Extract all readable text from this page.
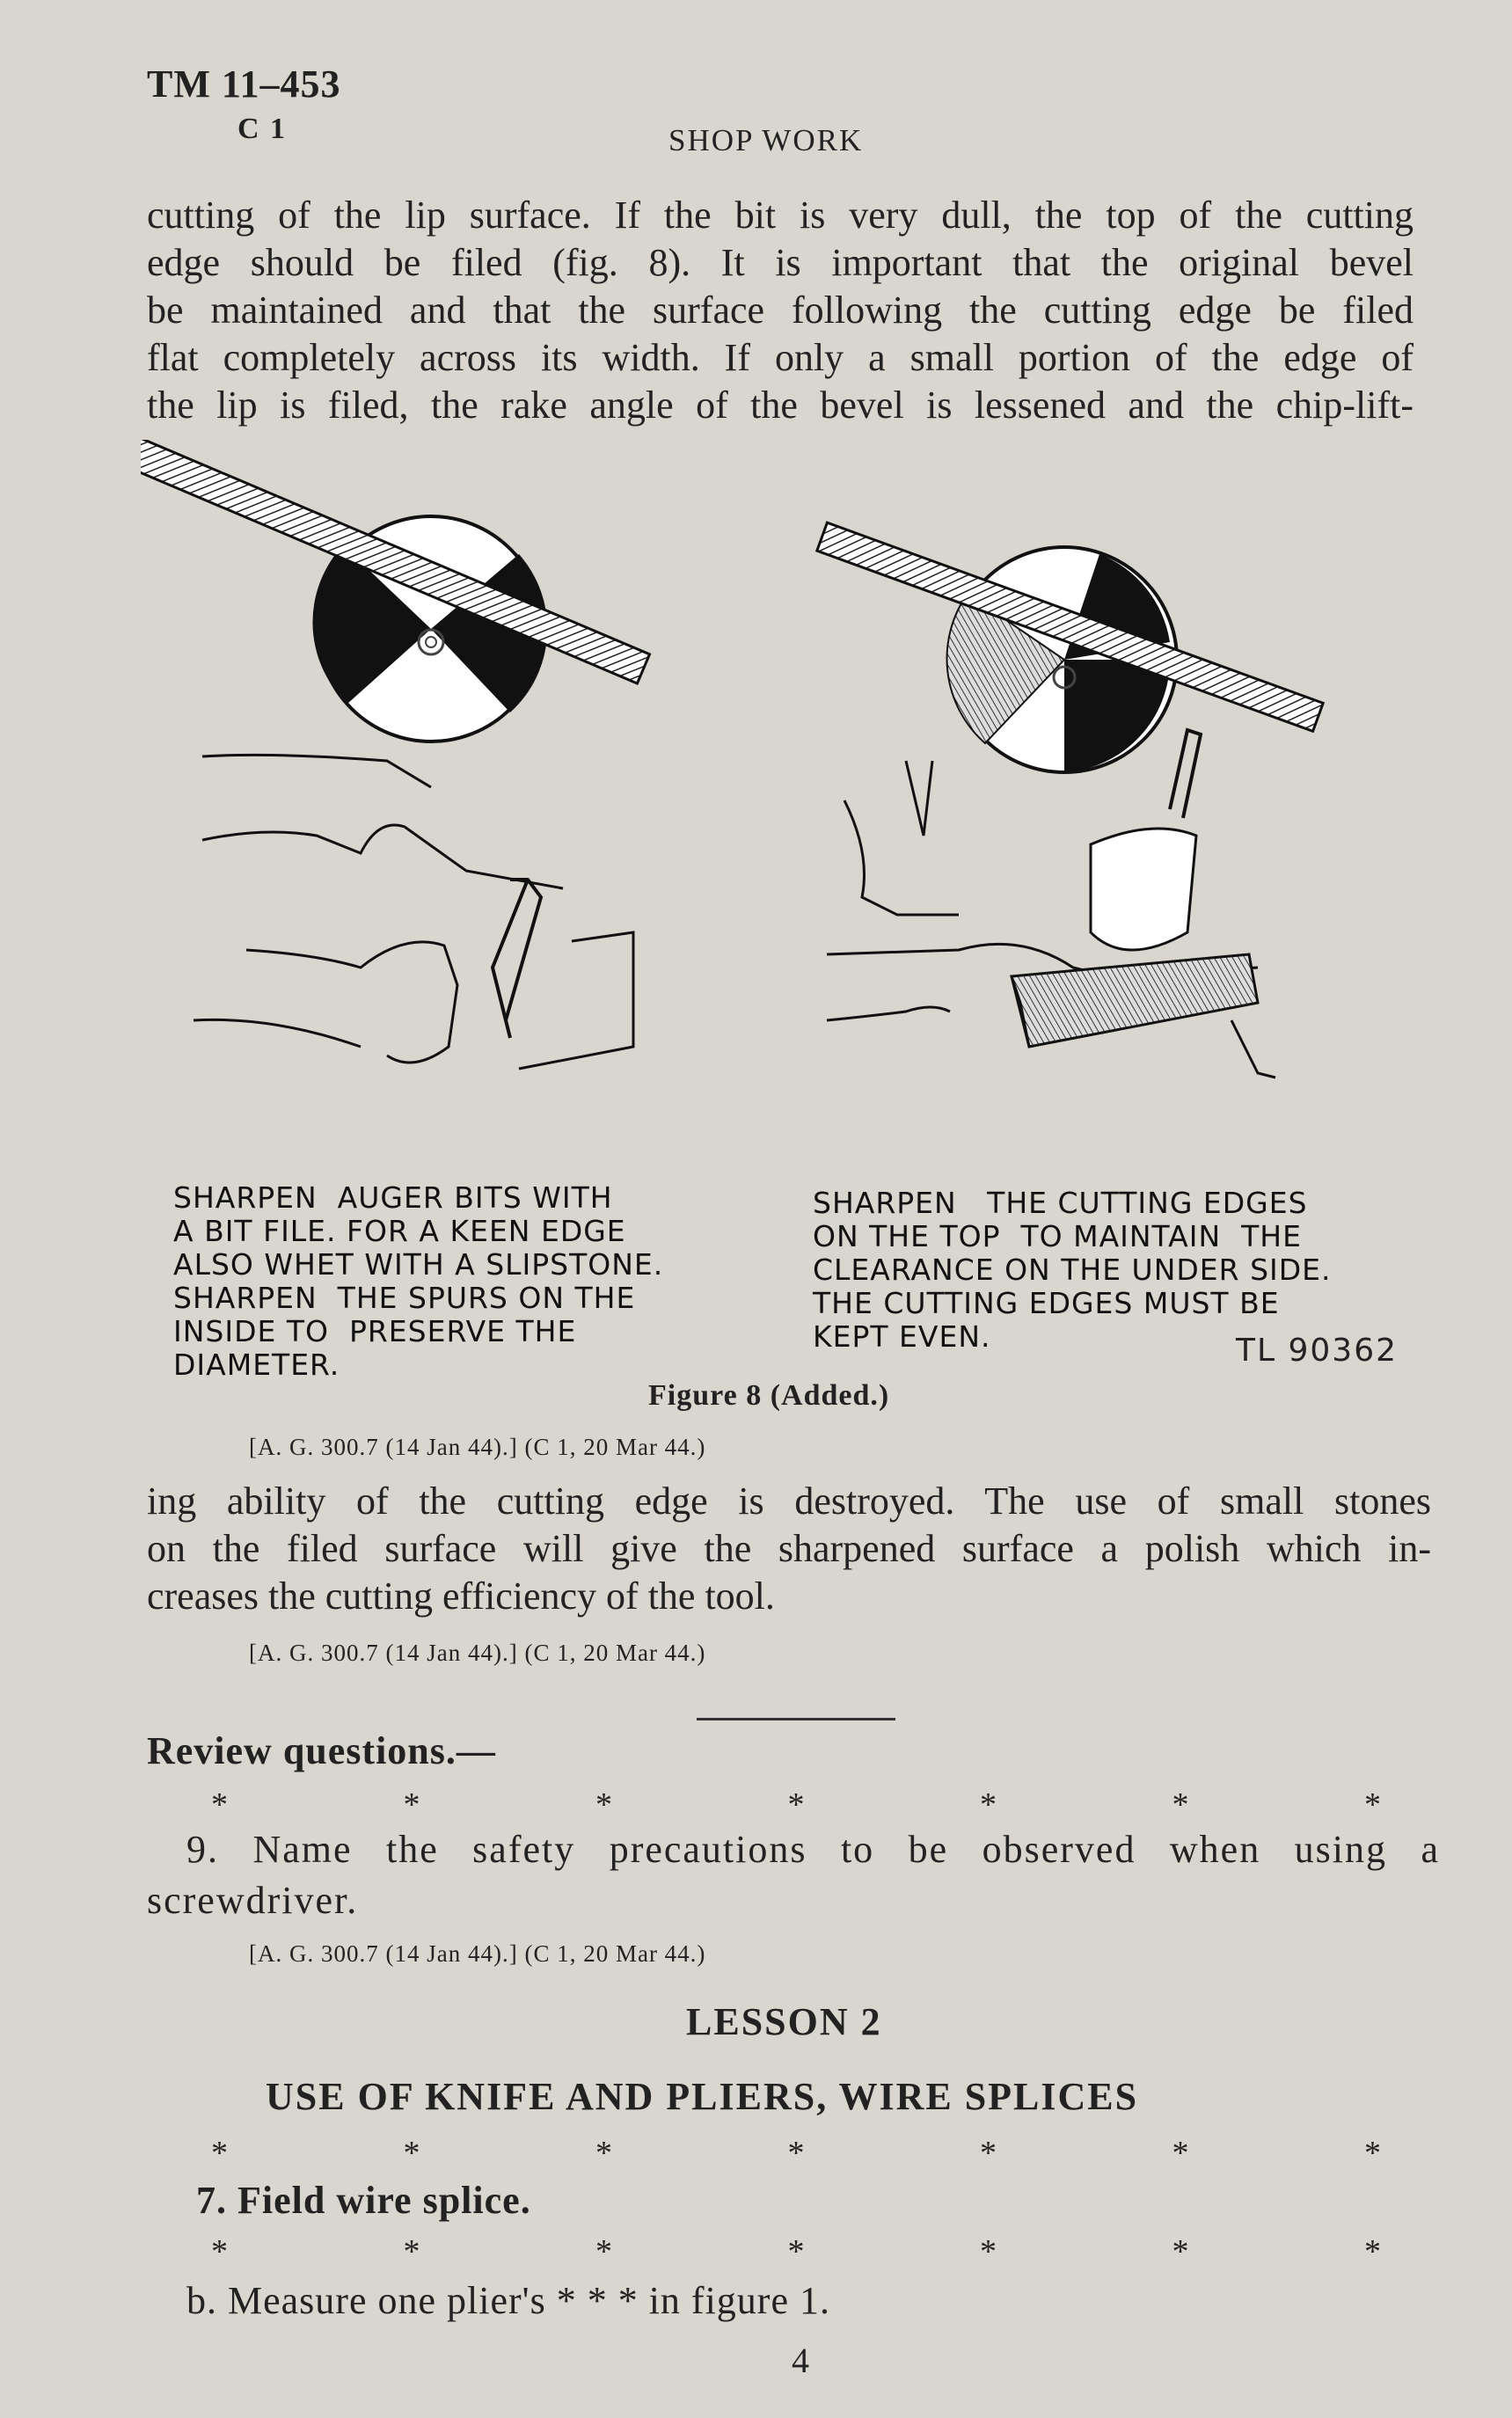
TM 11–453
C 1	SHOP WORK
cutting of the lip surface. If the bit is very dull, the top of the cutting
edge should be filed (fig. 8). It is important that the original bevel
be maintained and that the surface following the cutting edge be filed
flat completely across its width. If only a small portion of the edge of
the lip is filed, the rake angle of the bevel is lessened and the chip-lift-
SHARPEN  AUGER BITS WITH
A BIT FILE. FOR A KEEN EDGE
ALSO WHET WITH A SLIPSTONE.
SHARPEN  THE SPURS ON THE
INSIDE TO  PRESERVE THE
DIAMETER.
SHARPEN   THE CUTTING EDGES
ON THE TOP  TO MAINTAIN  THE
CLEARANCE ON THE UNDER SIDE.
THE CUTTING EDGES MUST BE
KEPT EVEN.	TL 90362
Figure 8 (Added.)
[A. G. 300.7 (14 Jan 44).] (C 1, 20 Mar 44.)
ing ability of the cutting edge is destroyed. The use of small stones
on the filed surface will give the sharpened surface a polish which in-
creases the cutting efficiency of the tool.
[A. G. 300.7 (14 Jan 44).] (C 1, 20 Mar 44.)
Review questions.—
*	*	*	*	*	*	*
9. Name the safety precautions to be observed when using a
screwdriver.
[A. G. 300.7 (14 Jan 44).] (C 1, 20 Mar 44.)
LESSON 2
USE OF KNIFE AND PLIERS, WIRE SPLICES
*	*	*	*	*	*	*
7. Field wire splice.
*	*	*	*	*	*	*
b. Measure one plier's * * * in figure 1.
4
